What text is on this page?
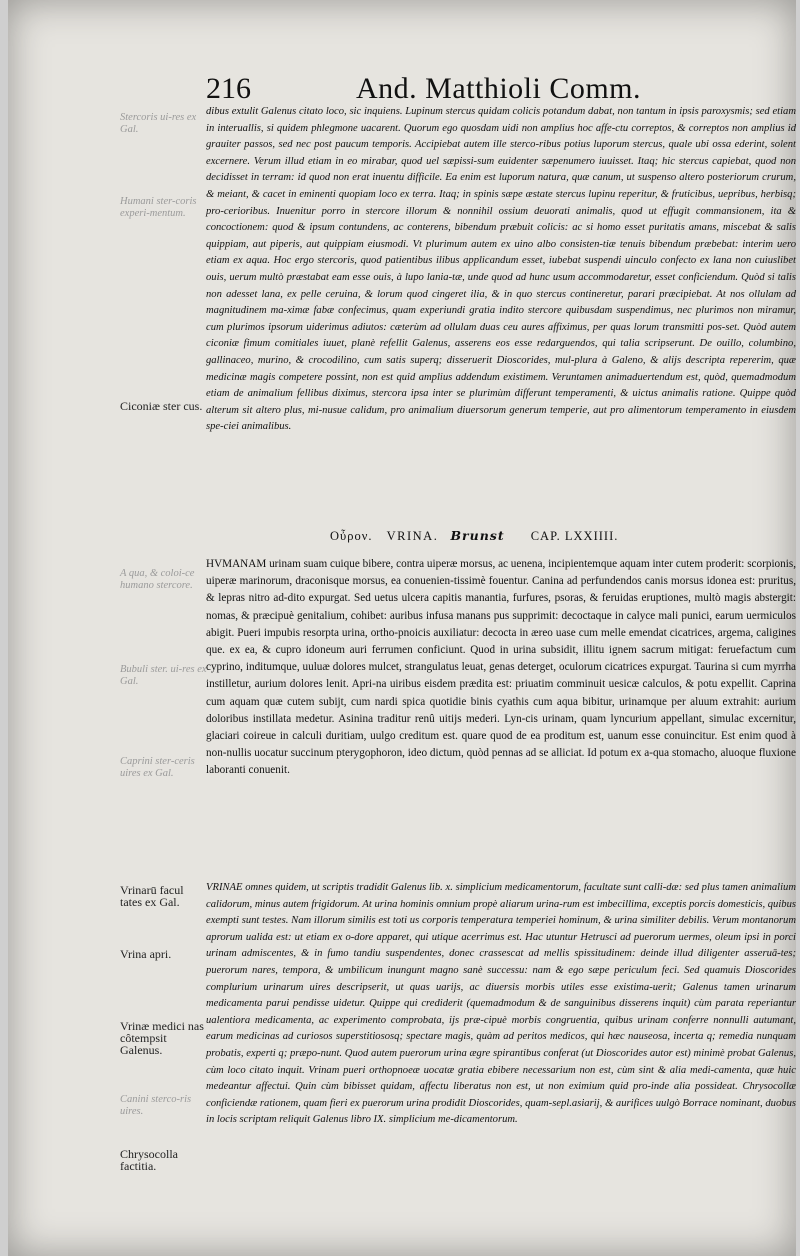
216	And. Matthioli Comm.
Stercoris ui-res ex Gal.
Humani ster-coris experi-mentum.
Ciconiæ ster cus.
A qua, & coloi-ce humano stercore.
Bubuli ster. ui-res ex Gal.
Caprini ster-ceris uires ex Gal.
Vrinarū facul tates ex Gal.
Vrina apri.
Vrinæ medici nas côtempsit Galenus.
Canini sterco-ris uires.
Chrysocolla factitia.

dibus extulit Galenus citato loco, sic inquiens. Lupinum stercus quidam colicis potandum dabat, non tantum in ipsis paroxysmis; sed etiam in interuallis, si quidem phlegmone uacarent. Quorum ego quosdam uidi non amplius hoc affe-ctu correptos, & correptos non amplius id grauiter passos, sed nec post paucum temporis. Accipiebat autem ille sterco-ribus potius luporum stercus, quale ubi ossa ederint, solent excernere. Verum illud etiam in eo mirabar, quod uel sæpissi-sum euidenter sæpenumero iuuisset. Itaq; hic stercus capiebat, quod non decidisset in terram: id quod non erat inuentu difficile. Ea enim est luporum natura, quæ canum, ut suspenso altero posteriorum crurum, & meiant, & cacet in eminenti quopiam loco ex terra. Itaq; in spinis sæpe æstate stercus lupinu reperitur, & fruticibus, uepribus, herbisq; pro-cerioribus. Inuenitur porro in stercore illorum & nonnihil ossium deuorati animalis, quod ut effugit commansionem, ita & concoctionem: quod & ipsum contundens, ac conterens, bibendum præbuit colicis: ac si homo esset puritatis amans, miscebat & salis quippiam, aut piperis, aut quippiam eiusmodi. Vt plurimum autem ex uino albo consisten-tiæ tenuis bibendum præbebat: interim uero etiam ex aqua. Hoc ergo stercoris, quod patientibus ilibus applicandum esset, iubebat suspendi uinculo confecto ex lana non cuiuslibet ouis, uerum multò præstabat eam esse ouis, à lupo lania-tæ, unde quod ad hunc usum accommodaretur, esset conficiendum. Quòd si talis non adesset lana, ex pelle ceruina, & lorum quod cingeret ilia, & in quo stercus contineretur, parari præcipiebat. At nos ollulam ad magnitudinem ma-ximæ fabæ confecimus, quam experiundi gratia indito stercore quibusdam suspendimus, nec plurimos non miramur, cum plurimos ipsorum uiderimus adiutos: cæterùm ad ollulam duas ceu aures affiximus, per quas lorum transmitti pos-set. Quòd autem ciconiæ fimum comitiales iuuet, planè refellit Galenus, asserens eos esse redarguendos, qui talia scripserunt. De ouillo, columbino, gallinaceo, murino, & crocodilino, cum satis superq; disseruerit Dioscorides, mul-plura à Galeno, & alijs descripta repererim, quæ medicinæ magis competere possint, non est quid amplius addendum existimem. Veruntamen animaduertendum est, quòd, quemadmodum etiam de animalium fellibus diximus, stercora ipsa inter se plurimùm differunt temperamenti, & uictus animalis ratione. Quippe quòd alterum sit altero plus, mi-nusue calidum, pro animalium diuersorum generum temperie, aut pro alimentorum temperamento in eiusdem spe-ciei animalibus.

Οὖρον. VRINA. Brunst CAP. LXXIIII.

HVMANAM urinam suam cuique bibere, contra uiperæ morsus, ac uenena, incipientemque aquam inter cutem proderit: scorpionis, uiperæ marinorum, draconisque morsus, ea conuenien-tissimè fouentur. Canina ad perfundendos canis morsus idonea est: pruritus, & lepras nitro ad-dito expurgat. Sed uetus ulcera capitis manantia, furfures, psoras, & feruidas eruptiones, multò magis abstergit: nomas, & præcipuè genitalium, cohibet: auribus infusa manans pus supprimit: decoctaque in calyce mali punici, earum uermiculos abigit. Pueri impubis resorpta urina, ortho-pnoicis auxiliatur: decocta in æreo uase cum melle emendat cicatrices, argema, caligines que. ex ea, & cupro idoneum auri ferrumen conficiunt. Quod in urina subsidit, illitu ignem sacrum mitigat: feruefactum cum cyprino, inditumque, uuluæ dolores mulcet, strangulatus leuat, genas deterget, oculorum cicatrices expurgat. Taurina si cum myrrha instilletur, aurium dolores lenit. Apri-na uiribus eisdem prædita est: priuatim comminuit uesicæ calculos, & potu expellit. Caprina cum aquam quæ cutem subijt, cum nardi spica quotidie binis cyathis cum aqua bibitur, urinamque per aluum extrahit: aurium doloribus instillata medetur. Asinina traditur renû uitijs mederi. Lyn-cis urinam, quam lyncurium appellant, simulac excernitur, glaciari coireue in calculi duritiam, uulgo creditum est. quare quod de ea proditum est, uanum esse conuincitur. Est enim quod à non-nullis uocatur succinum pterygophoron, ideo dictum, quòd pennas ad se alliciat. Id potum ex a-qua stomacho, aluoque fluxione laboranti conuenit.

VRINAE omnes quidem, ut scriptis tradidit Galenus lib. x. simplicium medicamentorum, facultate sunt calli-dæ: sed plus tamen animalium calidorum, minus autem frigidorum. At urina hominis omnium propè aliarum urina-rum est imbecillima, exceptis porcis domesticis, quibus exempti sunt testes. Nam illorum similis est toti us corporis temperatura temperiei hominum, & urina similiter debilis. Verum montanorum aprorum ualida est: ut etiam ex o-dore apparet, qui utique acerrimus est. Hac utuntur Hetrusci ad puerorum uermes, oleum ipsi in porci urinam admiscentes, & in fumo tandiu suspendentes, donec crassescat ad mellis spissitudinem: deinde illud diligenter asseruā-tes; puerorum nares, tempora, & umbilicum inungunt magno sanè successu: nam & ego sæpe periculum feci. Sed quamuis Dioscorides complurium urinarum uires descripserit, ut quas uarijs, ac diuersis morbis utiles esse existima-uerit; Galenus tamen urinarum medicamenta parui pendisse uidetur. Quippe qui crediderit (quemadmodum & de sanguinibus disserens inquit) cùm parata reperiantur ualentiora medicamenta, ac experimento comprobata, ijs præ-cipuè morbis congruentia, quibus urinam conferre nonnulli autumant, earum medicinas ad curiosos superstitiososq; spectare magis, quàm ad peritos medicos, qui hæc nauseosa, incerta q; remedia nunquam probatis, experti q; præpo-nunt. Quod autem puerorum urina ægre spirantibus conferat (ut Dioscorides autor est) minimè probat Galenus, cùm loco citato inquit. Vrinam pueri orthopnoeæ uocatæ gratia ebibere necessarium non est, cùm sint & alia medi-camenta, quæ huic medeantur affectui. Quin cùm bibisset quidam, affectu liberatus non est, ut non eximium quid pro-inde alia possideat. Chrysocollæ conficiendæ rationem, quam fieri ex puerorum urina prodidit Dioscorides, quam-sepl.asiarij, & aurifices uulgò Borrace nominant, duobus in locis scriptam reliquit Galenus libro IX. simplicium me-dicamentorum.
